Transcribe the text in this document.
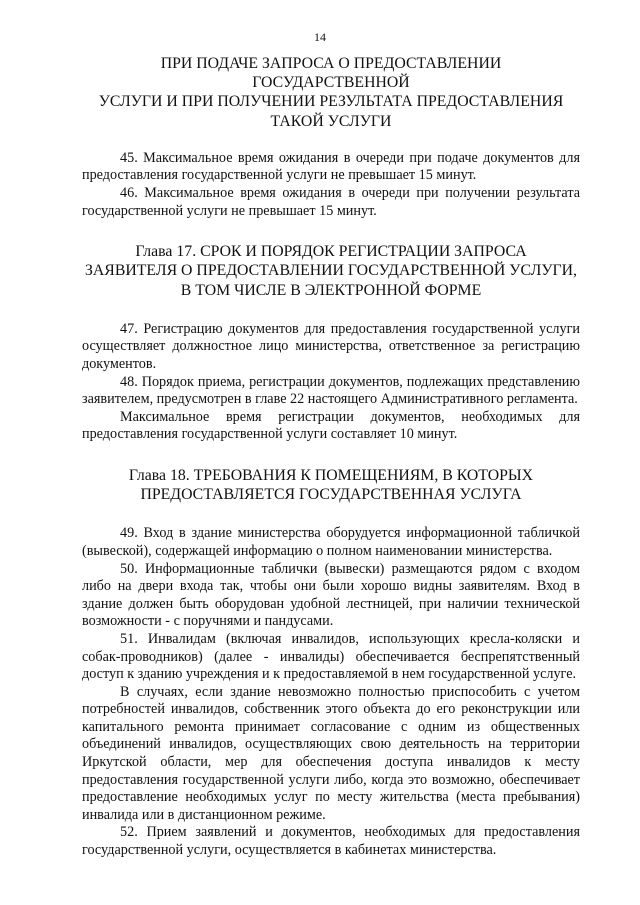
14
ПРИ ПОДАЧЕ ЗАПРОСА О ПРЕДОСТАВЛЕНИИ ГОСУДАРСТВЕННОЙ
УСЛУГИ И ПРИ ПОЛУЧЕНИИ РЕЗУЛЬТАТА ПРЕДОСТАВЛЕНИЯ
ТАКОЙ УСЛУГИ

45. Максимальное время ожидания в очереди при подаче документов для предоставления государственной услуги не превышает 15 минут.

46. Максимальное время ожидания в очереди при получении результата государственной услуги не превышает 15 минут.

Глава 17. СРОК И ПОРЯДОК РЕГИСТРАЦИИ ЗАПРОСА
ЗАЯВИТЕЛЯ О ПРЕДОСТАВЛЕНИИ ГОСУДАРСТВЕННОЙ УСЛУГИ,
В ТОМ ЧИСЛЕ В ЭЛЕКТРОННОЙ ФОРМЕ

47. Регистрацию документов для предоставления государственной услуги осуществляет должностное лицо министерства, ответственное за регистрацию документов.

48. Порядок приема, регистрации документов, подлежащих представлению заявителем, предусмотрен в главе 22 настоящего Административного регламента.

Максимальное время регистрации документов, необходимых для предоставления государственной услуги составляет 10 минут.

Глава 18. ТРЕБОВАНИЯ К ПОМЕЩЕНИЯМ, В КОТОРЫХ
ПРЕДОСТАВЛЯЕТСЯ ГОСУДАРСТВЕННАЯ УСЛУГА

49. Вход в здание министерства оборудуется информационной табличкой (вывеской), содержащей информацию о полном наименовании министерства.

50. Информационные таблички (вывески) размещаются рядом с входом либо на двери входа так, чтобы они были хорошо видны заявителям. Вход в здание должен быть оборудован удобной лестницей, при наличии технической возможности - с поручнями и пандусами.

51. Инвалидам (включая инвалидов, использующих кресла-коляски и собак-проводников) (далее - инвалиды) обеспечивается беспрепятственный доступ к зданию учреждения и к предоставляемой в нем государственной услуге.

В случаях, если здание невозможно полностью приспособить с учетом потребностей инвалидов, собственник этого объекта до его реконструкции или капитального ремонта принимает согласование с одним из общественных объединений инвалидов, осуществляющих свою деятельность на территории Иркутской области, мер для обеспечения доступа инвалидов к месту предоставления государственной услуги либо, когда это возможно, обеспечивает предоставление необходимых услуг по месту жительства (места пребывания) инвалида или в дистанционном режиме.

52. Прием заявлений и документов, необходимых для предоставления государственной услуги, осуществляется в кабинетах министерства.
